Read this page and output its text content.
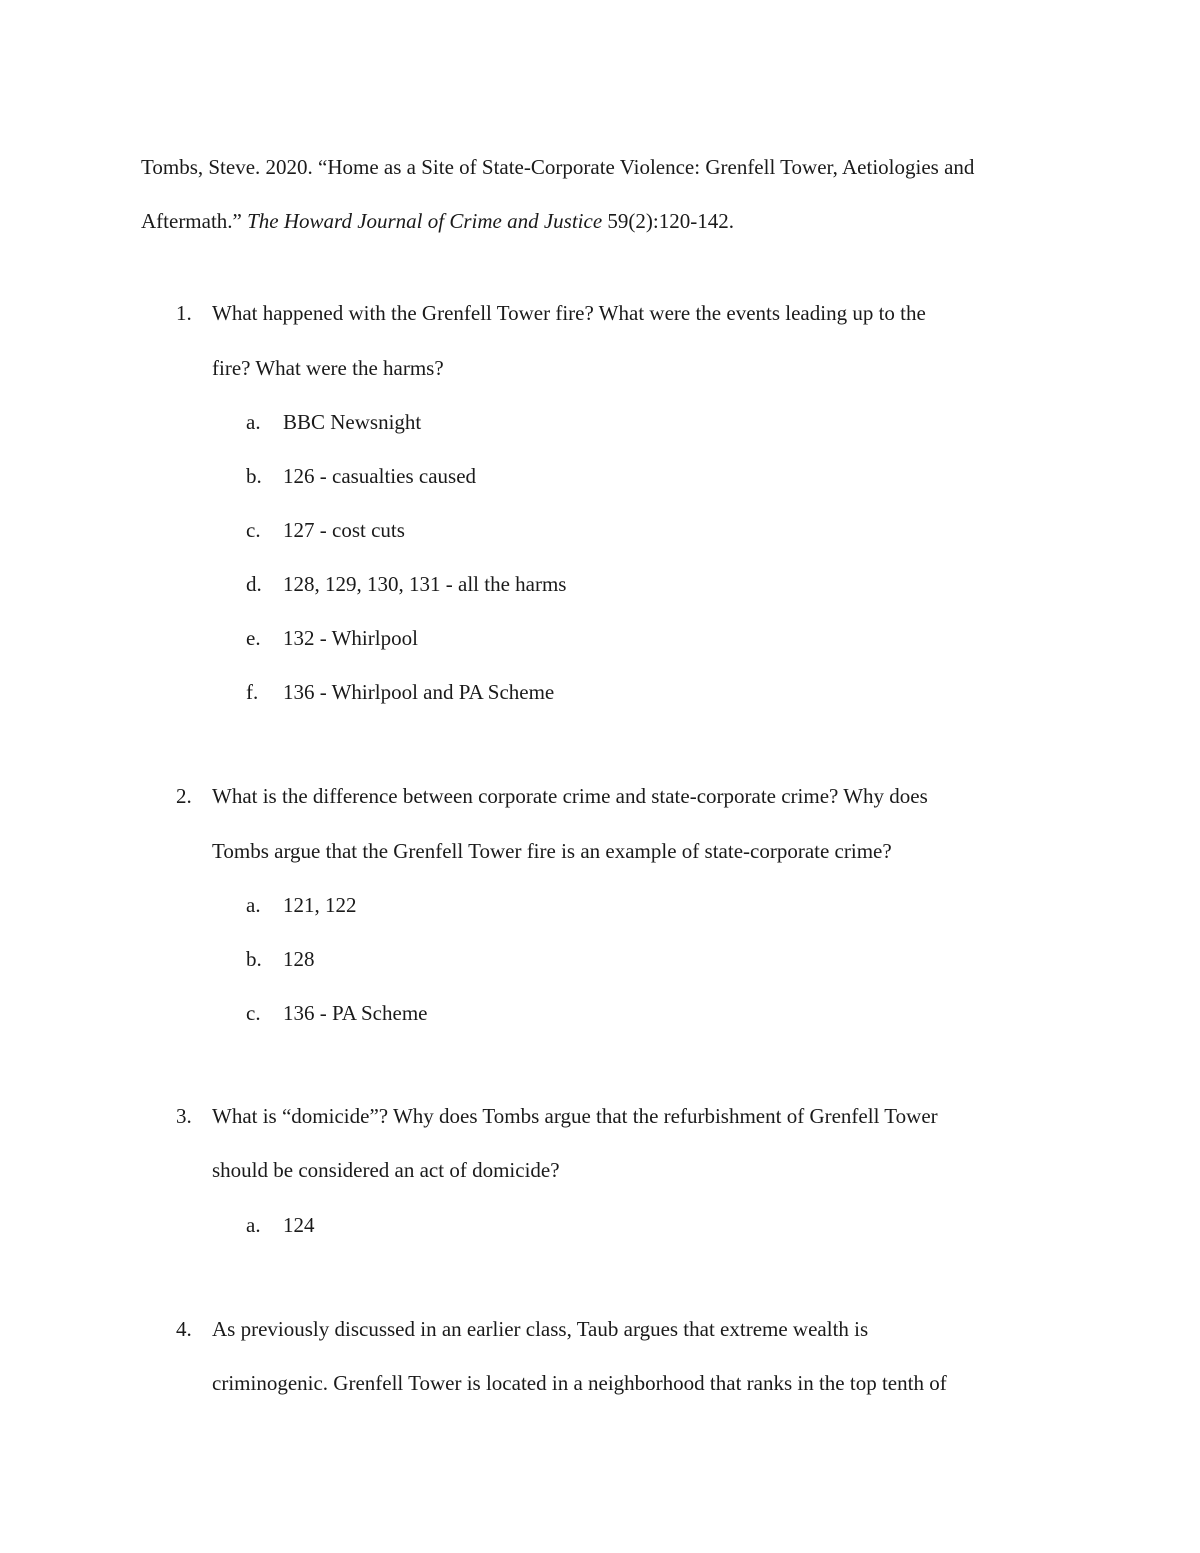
Tombs, Steve. 2020. “Home as a Site of State-Corporate Violence: Grenfell Tower, Aetiologies and Aftermath.” The Howard Journal of Crime and Justice 59(2):120-142.
1. What happened with the Grenfell Tower fire? What were the events leading up to the
fire? What were the harms?
a. BBC Newsnight
b. 126 - casualties caused
c. 127 - cost cuts
d. 128, 129, 130, 131 - all the harms
e. 132 - Whirlpool
f. 136 - Whirlpool and PA Scheme
2. What is the difference between corporate crime and state-corporate crime? Why does
Tombs argue that the Grenfell Tower fire is an example of state-corporate crime?
a. 121, 122
b. 128
c. 136 - PA Scheme
3. What is “domicide”? Why does Tombs argue that the refurbishment of Grenfell Tower
should be considered an act of domicide?
a. 124
4. As previously discussed in an earlier class, Taub argues that extreme wealth is
criminogenic. Grenfell Tower is located in a neighborhood that ranks in the top tenth of
